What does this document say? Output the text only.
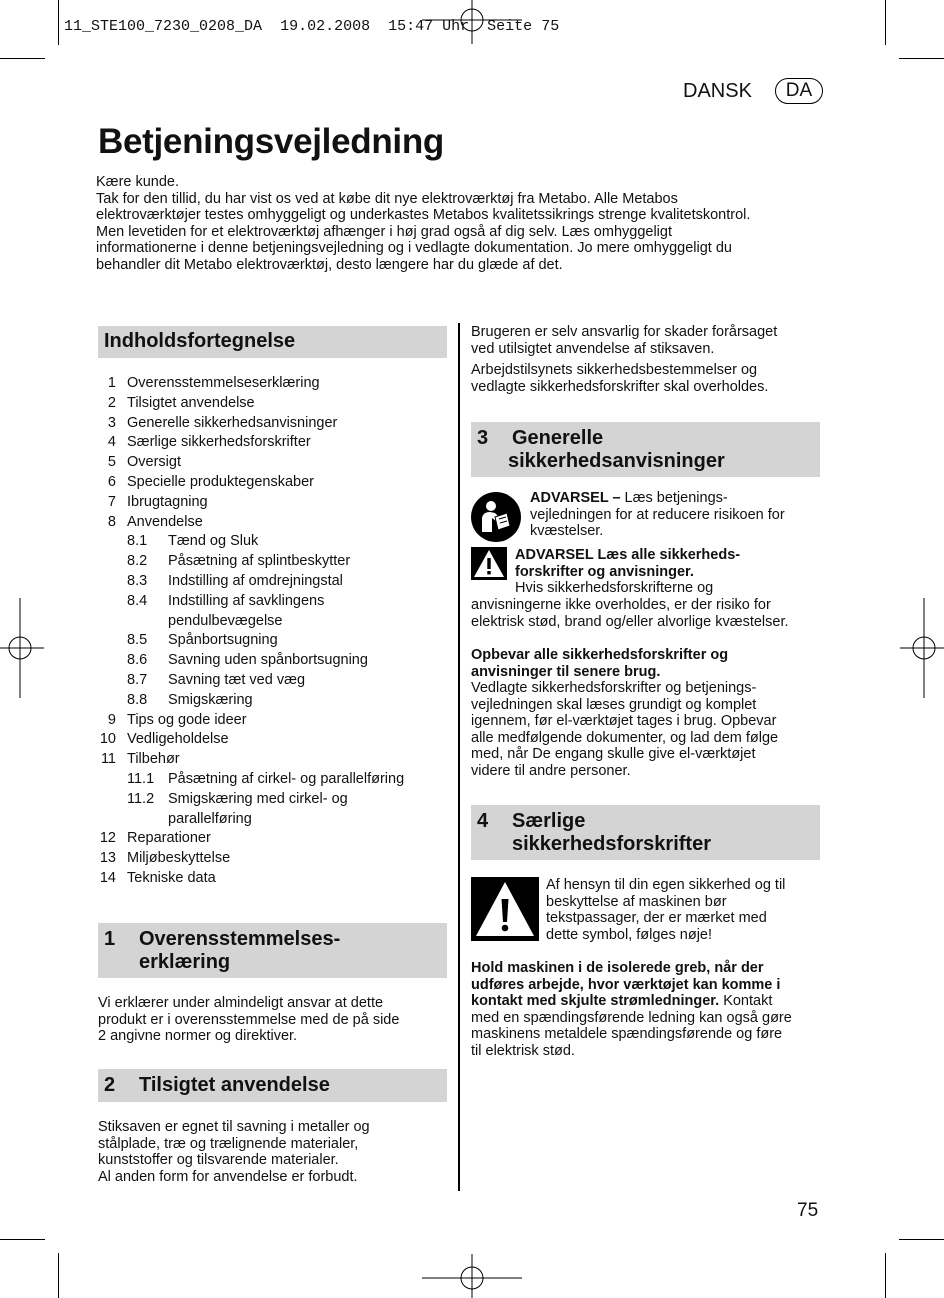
11_STE100_7230_0208_DA 19.02.2008 15:47 Uhr Seite 75
DANSK	DA
Betjeningsvejledning

Kære kunde.

Tak for den tillid, du har vist os ved at købe dit nye elektroværktøj fra Metabo. Alle Metabos

elektroværktøjer testes omhyggeligt og underkastes Metabos kvalitetssikrings strenge kvalitetskontrol.

Men levetiden for et elektroværktøj afhænger i høj grad også af dig selv. Læs omhyggeligt

informationerne i denne betjeningsvejledning og i vedlagte dokumentation. Jo mere omhyggeligt du

behandler dit Metabo elektroværktøj, desto længere har du glæde af det.

Indholdsfortegnelse
1 Overensstemmelseserklæring
2 Tilsigtet anvendelse
3 Generelle sikkerhedsanvisninger
4 Særlige sikkerhedsforskrifter
5 Oversigt
6 Specielle produktegenskaber
7 Ibrugtagning
8 Anvendelse
8.1 Tænd og Sluk
8.2 Påsætning af splintbeskytter
8.3 Indstilling af omdrejningstal
8.4 Indstilling af savklingens
pendulbevægelse
8.5 Spånbortsugning
8.6 Savning uden spånbortsugning
8.7 Savning tæt ved væg
8.8 Smigskæring
9 Tips og gode ideer
10 Vedligeholdelse
11 Tilbehør
11.1 Påsætning af cirkel- og parallelføring
11.2 Smigskæring med cirkel- og
parallelføring
12 Reparationer
13 Miljøbeskyttelse
14 Tekniske data
1 Overensstemmelses-
erklæring

Vi erklærer under almindeligt ansvar at dette

produkt er i overensstemmelse med de på side

2 angivne normer og direktiver.

2 Tilsigtet anvendelse

Stiksaven er egnet til savning i metaller og

stålplade, træ og trælignende materialer,

kunststoffer og tilsvarende materialer.

Al anden form for anvendelse er forbudt.

Brugeren er selv ansvarlig for skader forårsaget

ved utilsigtet anvendelse af stiksaven.

Arbejdstilsynets sikkerhedsbestemmelser og

vedlagte sikkerhedsforskrifter skal overholdes.

3 Generelle
sikkerhedsanvisninger

ADVARSEL – Læs betjenings-

vejledningen for at reducere risikoen for

kvæstelser.

ADVARSEL Læs alle sikkerheds-

forskrifter og anvisninger.

Hvis sikkerhedsforskrifterne og

anvisningerne ikke overholdes, er der risiko for

elektrisk stød, brand og/eller alvorlige kvæstelser.

Opbevar alle sikkerhedsforskrifter og

anvisninger til senere brug.

Vedlagte sikkerhedsforskrifter og betjenings-

vejledningen skal læses grundigt og komplet

igennem, før el-værktøjet tages i brug. Opbevar

alle medfølgende dokumenter, og lad dem følge

med, når De engang skulle give el-værktøjet

videre til andre personer.

4 Særlige
sikkerhedsforskrifter

Af hensyn til din egen sikkerhed og til

beskyttelse af maskinen bør

tekstpassager, der er mærket med

dette symbol, følges nøje!

Hold maskinen i de isolerede greb, når der

udføres arbejde, hvor værktøjet kan komme i

kontakt med skjulte strømledninger. Kontakt

med en spændingsførende ledning kan også gøre

maskinens metaldele spændingsførende og føre

til elektrisk stød.

75
